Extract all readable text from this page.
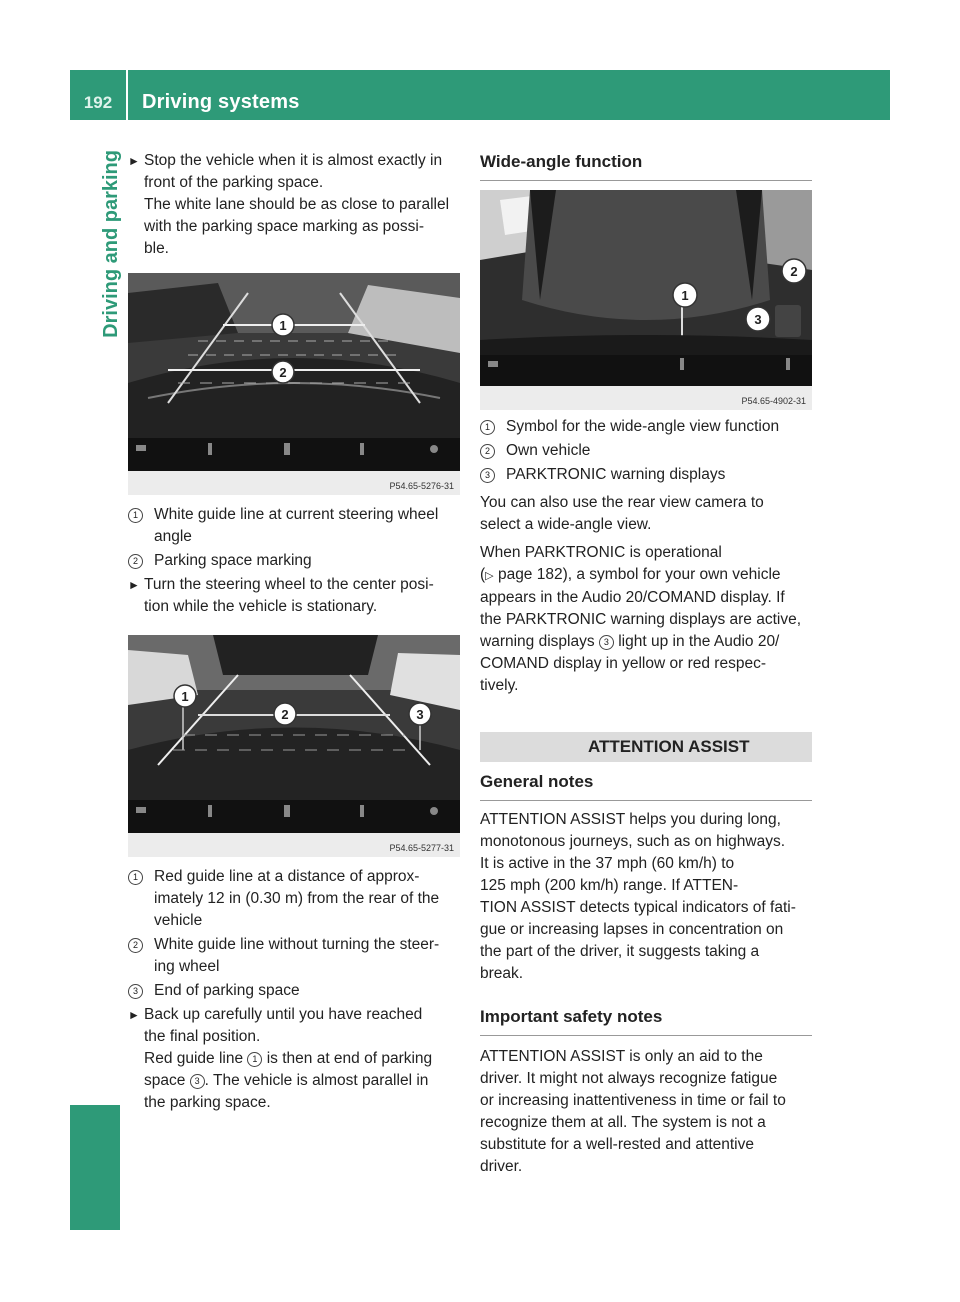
192	Driving systems
Driving and parking ► Stop the vehicle when it is almost exactly in

front of the parking space.

The white lane should be as close to parallel

with the parking space marking as possi-

ble.

1
2
P54.65-5276-31
1	White guide line at current steering wheel

angle

2	Parking space marking

► Turn the steering wheel to the center posi-

tion while the vehicle is stationary.

1
2	3
P54.65-5277-31
1	Red guide line at a distance of approx-

imately 12 in (0.30 m) from the rear of the

vehicle

2	White guide line without turning the steer-

ing wheel

3	End of parking space

► Back up carefully until you have reached

the final position.

Red guide line 1 is then at end of parking

space 3 . The vehicle is almost parallel in

the parking space.

Wide-angle function
1
2
3
P54.65-4902-31
1	Symbol for the wide-angle view function

2	Own vehicle

3	PARKTRONIC warning displays

You can also use the rear view camera to

select a wide-angle view.

When PARKTRONIC is operational

(▷ page 182), a symbol for your own vehicle

appears in the Audio 20/COMAND display. If

the PARKTRONIC warning displays are active,

warning displays 3 light up in the Audio 20/

COMAND display in yellow or red respec-

tively.

ATTENTION ASSIST
General notes

ATTENTION ASSIST helps you during long,

monotonous journeys, such as on highways.

It is active in the 37 mph (60 km/h) to

125 mph (200 km/h) range. If ATTEN-

TION ASSIST detects typical indicators of fati-

gue or increasing lapses in concentration on

the part of the driver, it suggests taking a

break.

Important safety notes

ATTENTION ASSIST is only an aid to the

driver. It might not always recognize fatigue

or increasing inattentiveness in time or fail to

recognize them at all. The system is not a

substitute for a well-rested and attentive

driver.
